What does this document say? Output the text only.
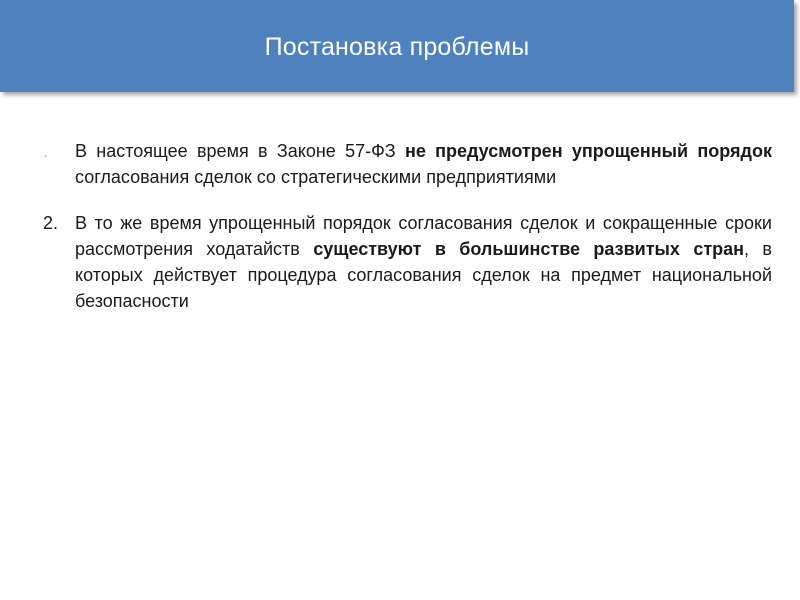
Постановка проблемы
. В настоящее время в Законе 57-ФЗ не предусмотрен упрощенный порядок согласования сделок со стратегическими предприятиями
2. В то же время упрощенный порядок согласования сделок и сокращенные сроки рассмотрения ходатайств существуют в большинстве развитых стран, в которых действует процедура согласования сделок на предмет национальной безопасности
